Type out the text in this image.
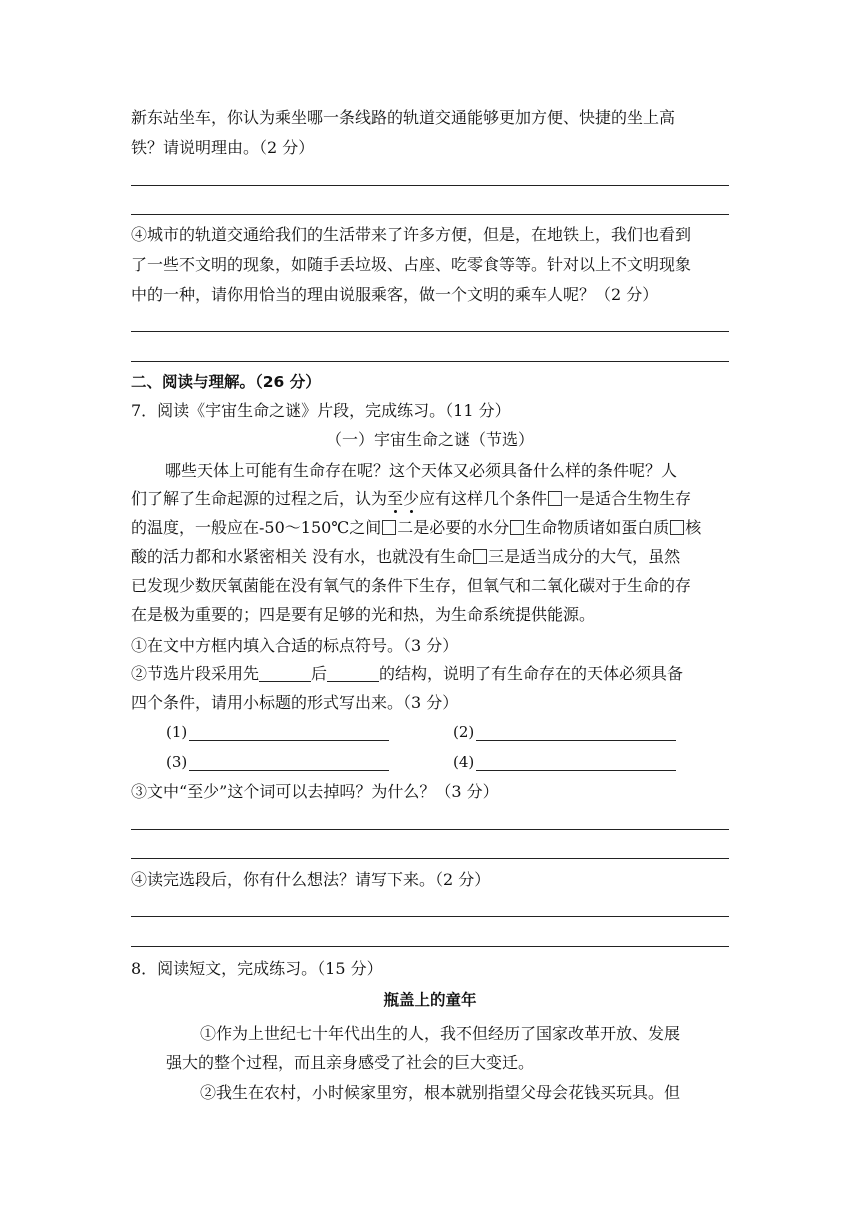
新东站坐车，你认为乘坐哪一条线路的轨道交通能够更加方便、快捷的坐上高
铁？请说明理由。（2 分）
④城市的轨道交通给我们的生活带来了许多方便，但是，在地铁上，我们也看到
了一些不文明的现象，如随手丢垃圾、占座、吃零食等等。针对以上不文明现象
中的一种，请你用恰当的理由说服乘客，做一个文明的乘车人呢？（2 分）
二、阅读与理解。（26 分）
7．阅读《宇宙生命之谜》片段，完成练习。（11 分）
（一）宇宙生命之谜（节选）
哪些天体上可能有生命存在呢？这个天体又必须具备什么样的条件呢？人
们了解了生命起源的过程之后，认为至少应有这样几个条件 一是适合生物生存
的温度，一般应在-50～150℃之间 二是必要的水分 生命物质诸如蛋白质 核
酸的活力都和水紧密相关 没有水，也就没有生命 三是适当成分的大气，虽然
已发现少数厌氧菌能在没有氧气的条件下生存，但氧气和二氧化碳对于生命的存
在是极为重要的；四是要有足够的光和热，为生命系统提供能源。
①在文中方框内填入合适的标点符号。（3 分）
②节选片段采用先	后	的结构，说明了有生命存在的天体必须具备
四个条件，请用小标题的形式写出来。（3 分）
(1)	(2)
(3)	(4)
③文中“至少”这个词可以去掉吗？为什么？（3 分）
④读完选段后，你有什么想法？请写下来。（2 分）
8．阅读短文，完成练习。（15 分）
瓶盖上的童年
①作为上世纪七十年代出生的人，我不但经历了国家改革开放、发展
强大的整个过程，而且亲身感受了社会的巨大变迁。
②我生在农村，小时候家里穷，根本就别指望父母会花钱买玩具。但
